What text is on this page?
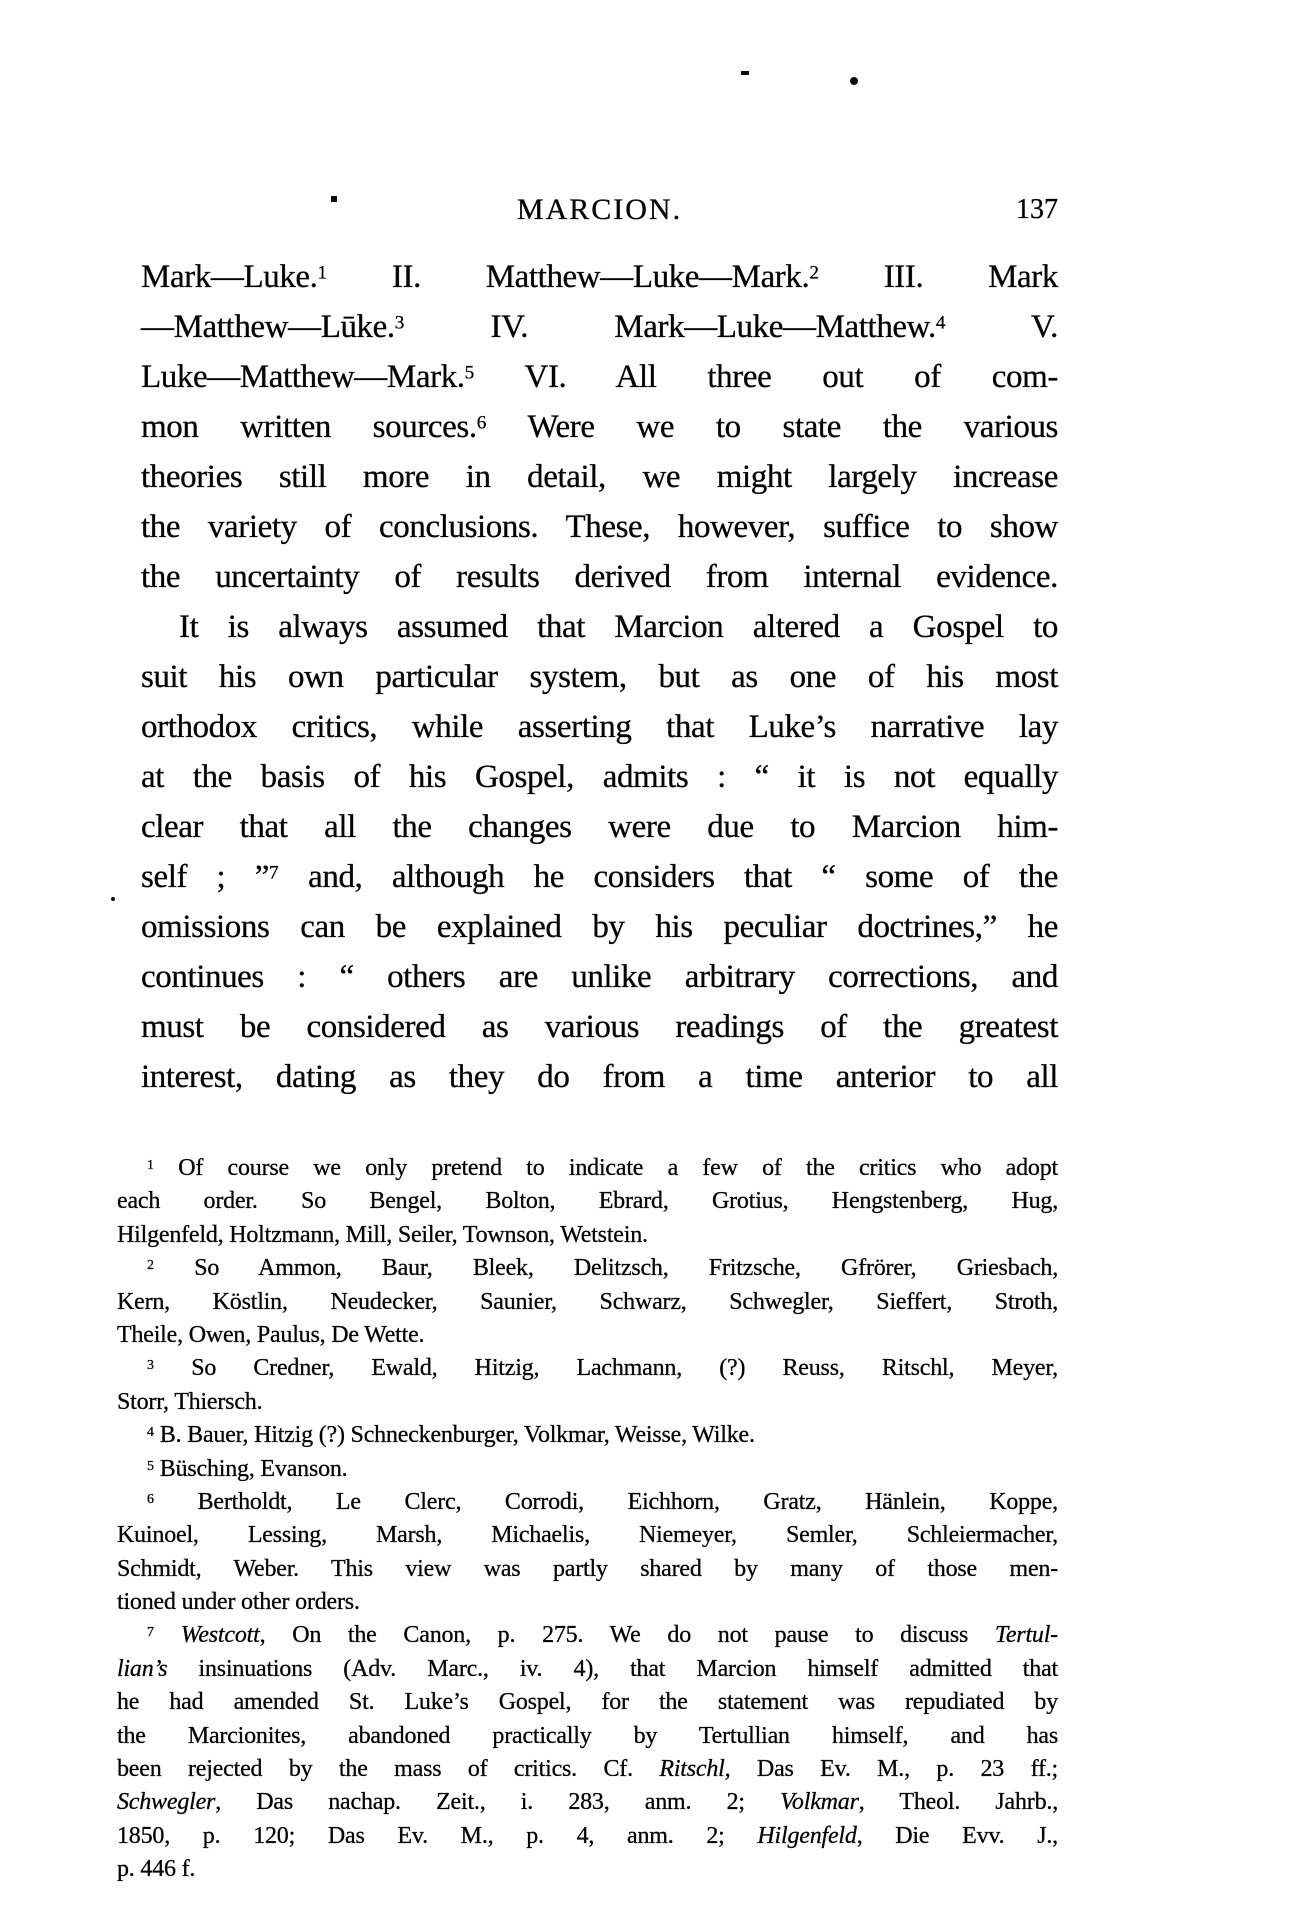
MARCION.	137
Mark—Luke.$^1$ II. Matthew—Luke—Mark.$^2$ III. Mark
—Matthew—Lūke.$^3$ IV. Mark—Luke—Matthew.$^4$ V.
Luke—Matthew—Mark.$^5$ VI. All three out of com-
mon written sources.$^6$ Were we to state the various
theories still more in detail, we might largely increase
the variety of conclusions. These, however, suffice to show
the uncertainty of results derived from internal evidence.
It is always assumed that Marcion altered a Gospel to
suit his own particular system, but as one of his most
orthodox critics, while asserting that Luke’s narrative lay
at the basis of his Gospel, admits : “ it is not equally
clear that all the changes were due to Marcion him-
self ; ”$^7$ and, although he considers that “ some of the
omissions can be explained by his peculiar doctrines,” he
continues : “ others are unlike arbitrary corrections, and
must be considered as various readings of the greatest
interest, dating as they do from a time anterior to all
$^1$ Of course we only pretend to indicate a few of the critics who adopt
each order. So Bengel, Bolton, Ebrard, Grotius, Hengstenberg, Hug,
Hilgenfeld, Holtzmann, Mill, Seiler, Townson, Wetstein.
$^2$ So Ammon, Baur, Bleek, Delitzsch, Fritzsche, Gfrörer, Griesbach,
Kern, Köstlin, Neudecker, Saunier, Schwarz, Schwegler, Sieffert, Stroth,
Theile, Owen, Paulus, De Wette.
$^3$ So Credner, Ewald, Hitzig, Lachmann, (?) Reuss, Ritschl, Meyer,
Storr, Thiersch.
$^4$ B. Bauer, Hitzig (?) Schneckenburger, Volkmar, Weisse, Wilke.
$^5$ Büsching, Evanson.
$^6$ Bertholdt, Le Clerc, Corrodi, Eichhorn, Gratz, Hänlein, Koppe,
Kuinoel, Lessing, Marsh, Michaelis, Niemeyer, Semler, Schleiermacher,
Schmidt, Weber. This view was partly shared by many of those men-
tioned under other orders.
$^7$ Westcott, On the Canon, p. 275. We do not pause to discuss Tertul-
lian’s insinuations (Adv. Marc., iv. 4), that Marcion himself admitted that
he had amended St. Luke’s Gospel, for the statement was repudiated by
the Marcionites, abandoned practically by Tertullian himself, and has
been rejected by the mass of critics. Cf. Ritschl, Das Ev. M., p. 23 ff.;
Schwegler, Das nachap. Zeit., i. 283, anm. 2; Volkmar, Theol. Jahrb.,
1850, p. 120; Das Ev. M., p. 4, anm. 2; Hilgenfeld, Die Evv. J.,
p. 446 f.
